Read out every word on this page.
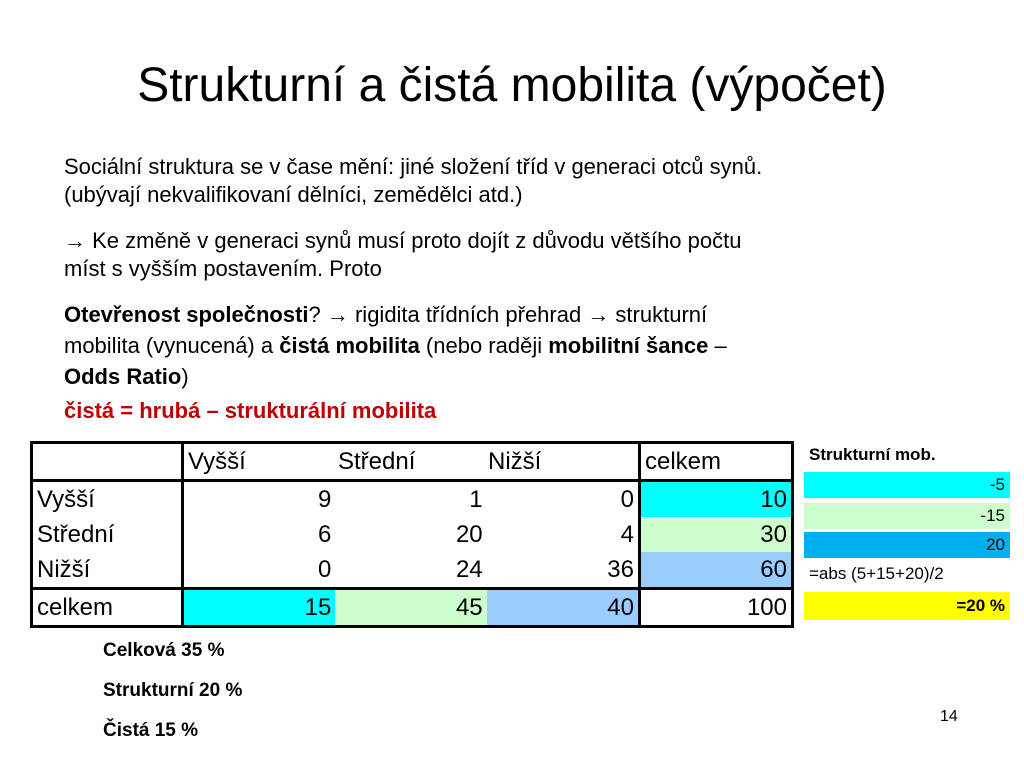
Strukturní a čistá mobilita (výpočet)
Sociální struktura se v čase mění: jiné složení tříd v generaci otců synů.
(ubývají nekvalifikovaní dělníci, zemědělci atd.)
→ Ke změně v generaci synů musí proto dojít z důvodu většího počtu
míst s vyšším postavením. Proto
Otevřenost společnosti? → rigidita třídních přehrad → strukturní
mobilita (vynucená) a čistá mobilita (nebo raději mobilitní šance –
Odds Ratio)
čistá = hrubá – strukturální mobilita

	Vyšší Střední Nižší			celkem
Vyšší	9	1	0	10
Střední	6	20	4	30
Nižší	0	24	36	60
celkem	15	45	40	100
Strukturní mob.
-5
-15
20
=abs (5+15+20)/2
=20 %
Celková 35 %
Strukturní 20 %
Čistá 15 %
14
